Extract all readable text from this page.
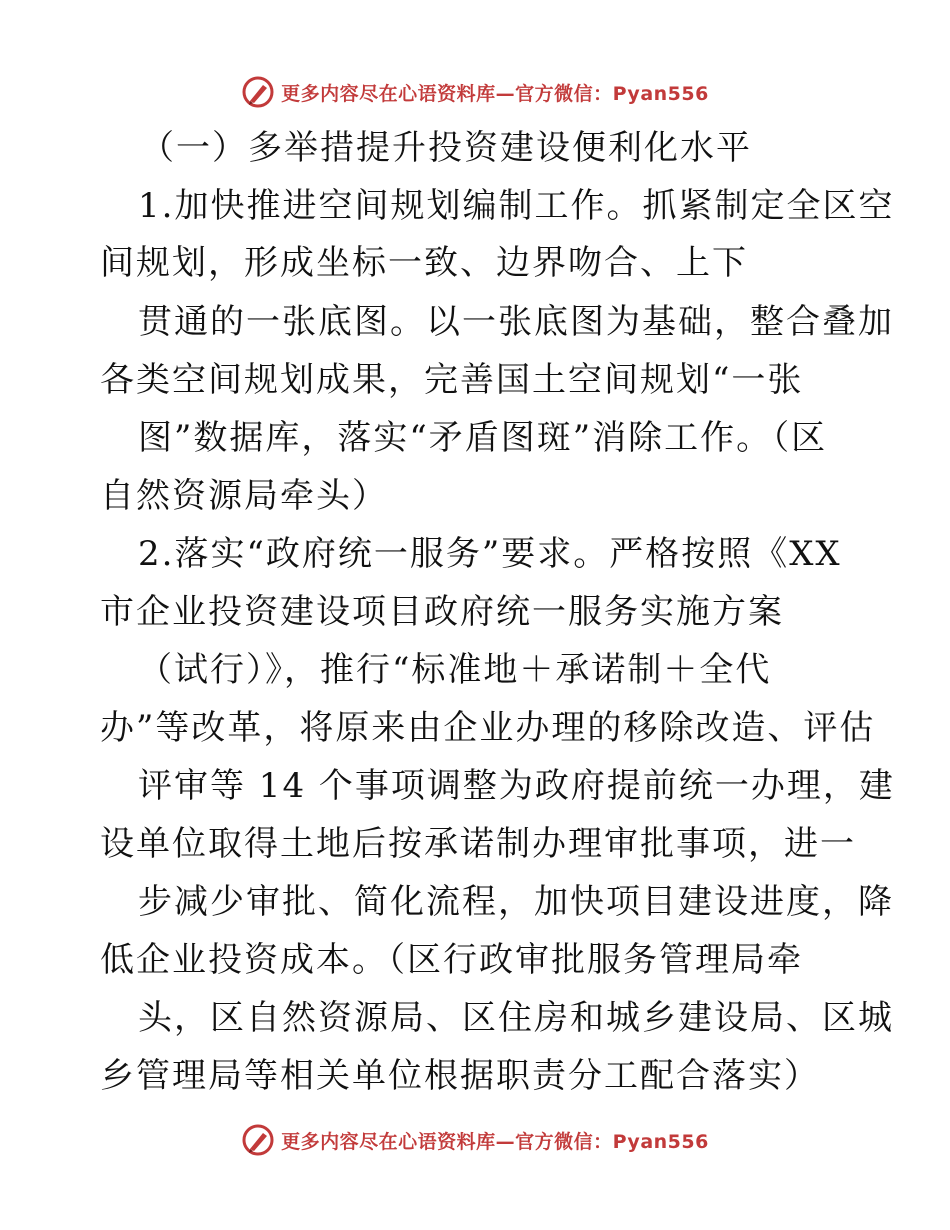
更多内容尽在心语资料库—官方微信：Pyan556
（一）多举措提升投资建设便利化水平
1.加快推进空间规划编制工作。抓紧制定全区空
间规划，形成坐标一致、边界吻合、上下
贯通的一张底图。以一张底图为基础，整合叠加
各类空间规划成果，完善国土空间规划“一张
图”数据库，落实“矛盾图斑”消除工作。（区
自然资源局牵头）
2.落实“政府统一服务”要求。严格按照《XX
市企业投资建设项目政府统一服务实施方案
（试行）》，推行“标准地＋承诺制＋全代
办”等改革，将原来由企业办理的移除改造、评估
评审等 14 个事项调整为政府提前统一办理，建
设单位取得土地后按承诺制办理审批事项，进一
步减少审批、简化流程，加快项目建设进度，降
低企业投资成本。（区行政审批服务管理局牵
头，区自然资源局、区住房和城乡建设局、区城
乡管理局等相关单位根据职责分工配合落实）
更多内容尽在心语资料库—官方微信：Pyan556
